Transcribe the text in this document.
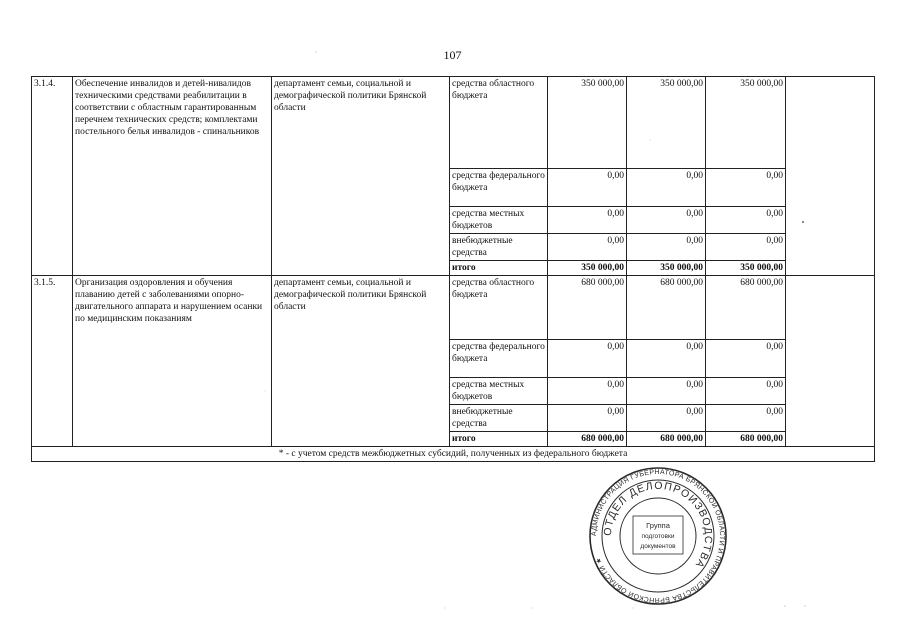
107
3.1.4.	Обеспечение инвалидов и детей-нивалидов техническими средствами реабилитации в соответствии с областным гарантированным перечнем технических средств; комплектами постельного белья инвалидов - спинальников	департамент семьи, социальной и демографической политики Брянской области	средства областного бюджета	350 000,00	350 000,00	350 000,00	
			средства федерального бюджета	0,00	0,00	0,00	
			средства местных бюджетов	0,00	0,00	0,00	
			внебюджетные средства	0,00	0,00	0,00	
			итого	350 000,00	350 000,00	350 000,00	
3.1.5.	Организация оздоровления и обучения плаванию детей с заболеваниями опорно-двигательного аппарата и нарушением осанки по медицинским показаниям	департамент семьи, социальной и демографической политики Брянской области	средства областного бюджета	680 000,00	680 000,00	680 000,00	
			средства федерального бюджета	0,00	0,00	0,00	
			средства местных бюджетов	0,00	0,00	0,00	
			внебюджетные средства	0,00	0,00	0,00	
			итого	680 000,00	680 000,00	680 000,00	
* - с учетом средств межбюджетных субсидий, полученных из федерального бюджета							
АДМИНИСТРАЦИЯ ГУБЕРНАТОРА БРЯНСКОЙ ОБЛАСТИ И ПРАВИТЕЛЬСТВА БРЯНСКОЙ ОБЛАСТИ ★
ОТДЕЛ ДЕЛОПРОИЗВОДСТВА
Группа
подготовки
документов
